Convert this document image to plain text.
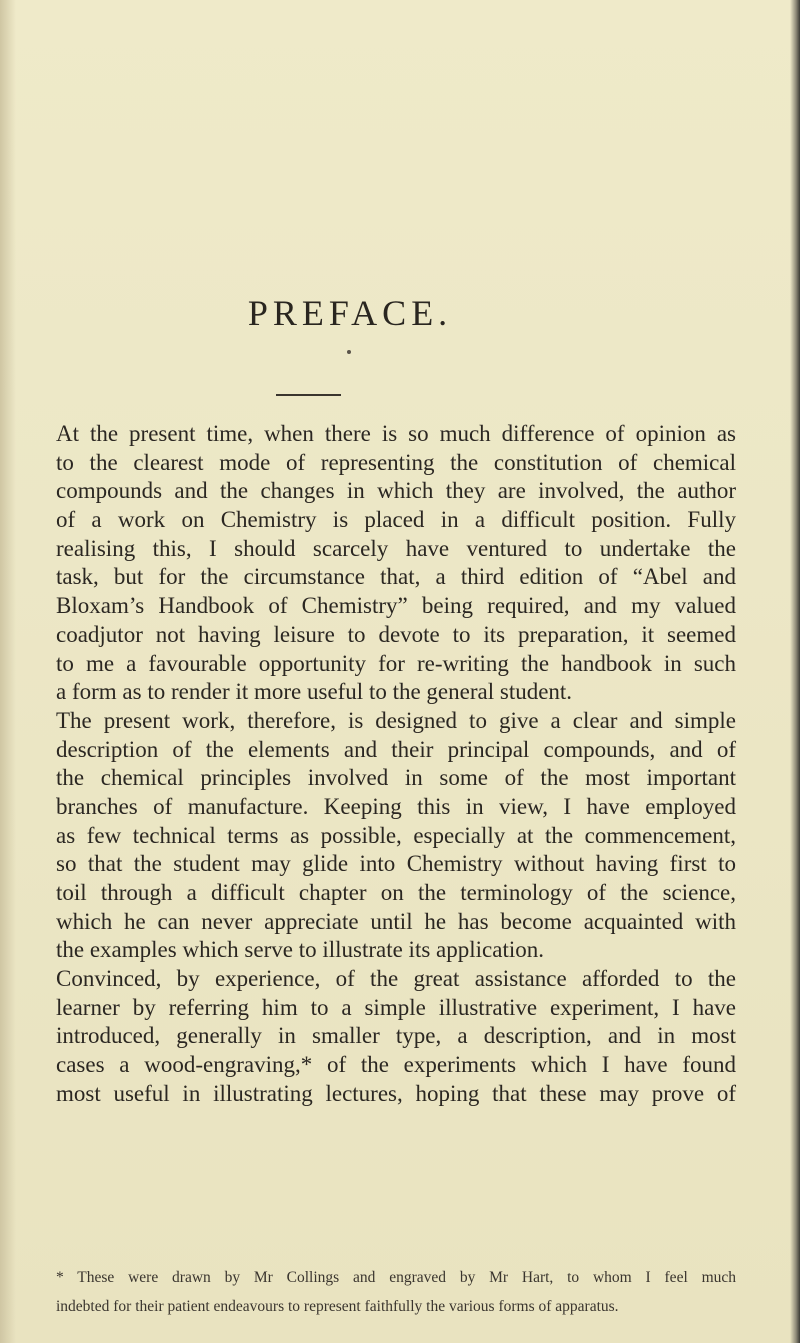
PREFACE.
At the present time, when there is so much difference of opinion as
to the clearest mode of representing the constitution of chemical
compounds and the changes in which they are involved, the author
of a work on Chemistry is placed in a difficult position. Fully
realising this, I should scarcely have ventured to undertake the
task, but for the circumstance that, a third edition of “Abel and
Bloxam’s Handbook of Chemistry” being required, and my valued
coadjutor not having leisure to devote to its preparation, it seemed
to me a favourable opportunity for re-writing the handbook in such
a form as to render it more useful to the general student.
The present work, therefore, is designed to give a clear and simple
description of the elements and their principal compounds, and of
the chemical principles involved in some of the most important
branches of manufacture. Keeping this in view, I have employed
as few technical terms as possible, especially at the commencement,
so that the student may glide into Chemistry without having first to
toil through a difficult chapter on the terminology of the science,
which he can never appreciate until he has become acquainted with
the examples which serve to illustrate its application.
Convinced, by experience, of the great assistance afforded to the
learner by referring him to a simple illustrative experiment, I have
introduced, generally in smaller type, a description, and in most
cases a wood-engraving,* of the experiments which I have found
most useful in illustrating lectures, hoping that these may prove of
* These were drawn by Mr Collings and engraved by Mr Hart, to whom I feel much
indebted for their patient endeavours to represent faithfully the various forms of apparatus.
